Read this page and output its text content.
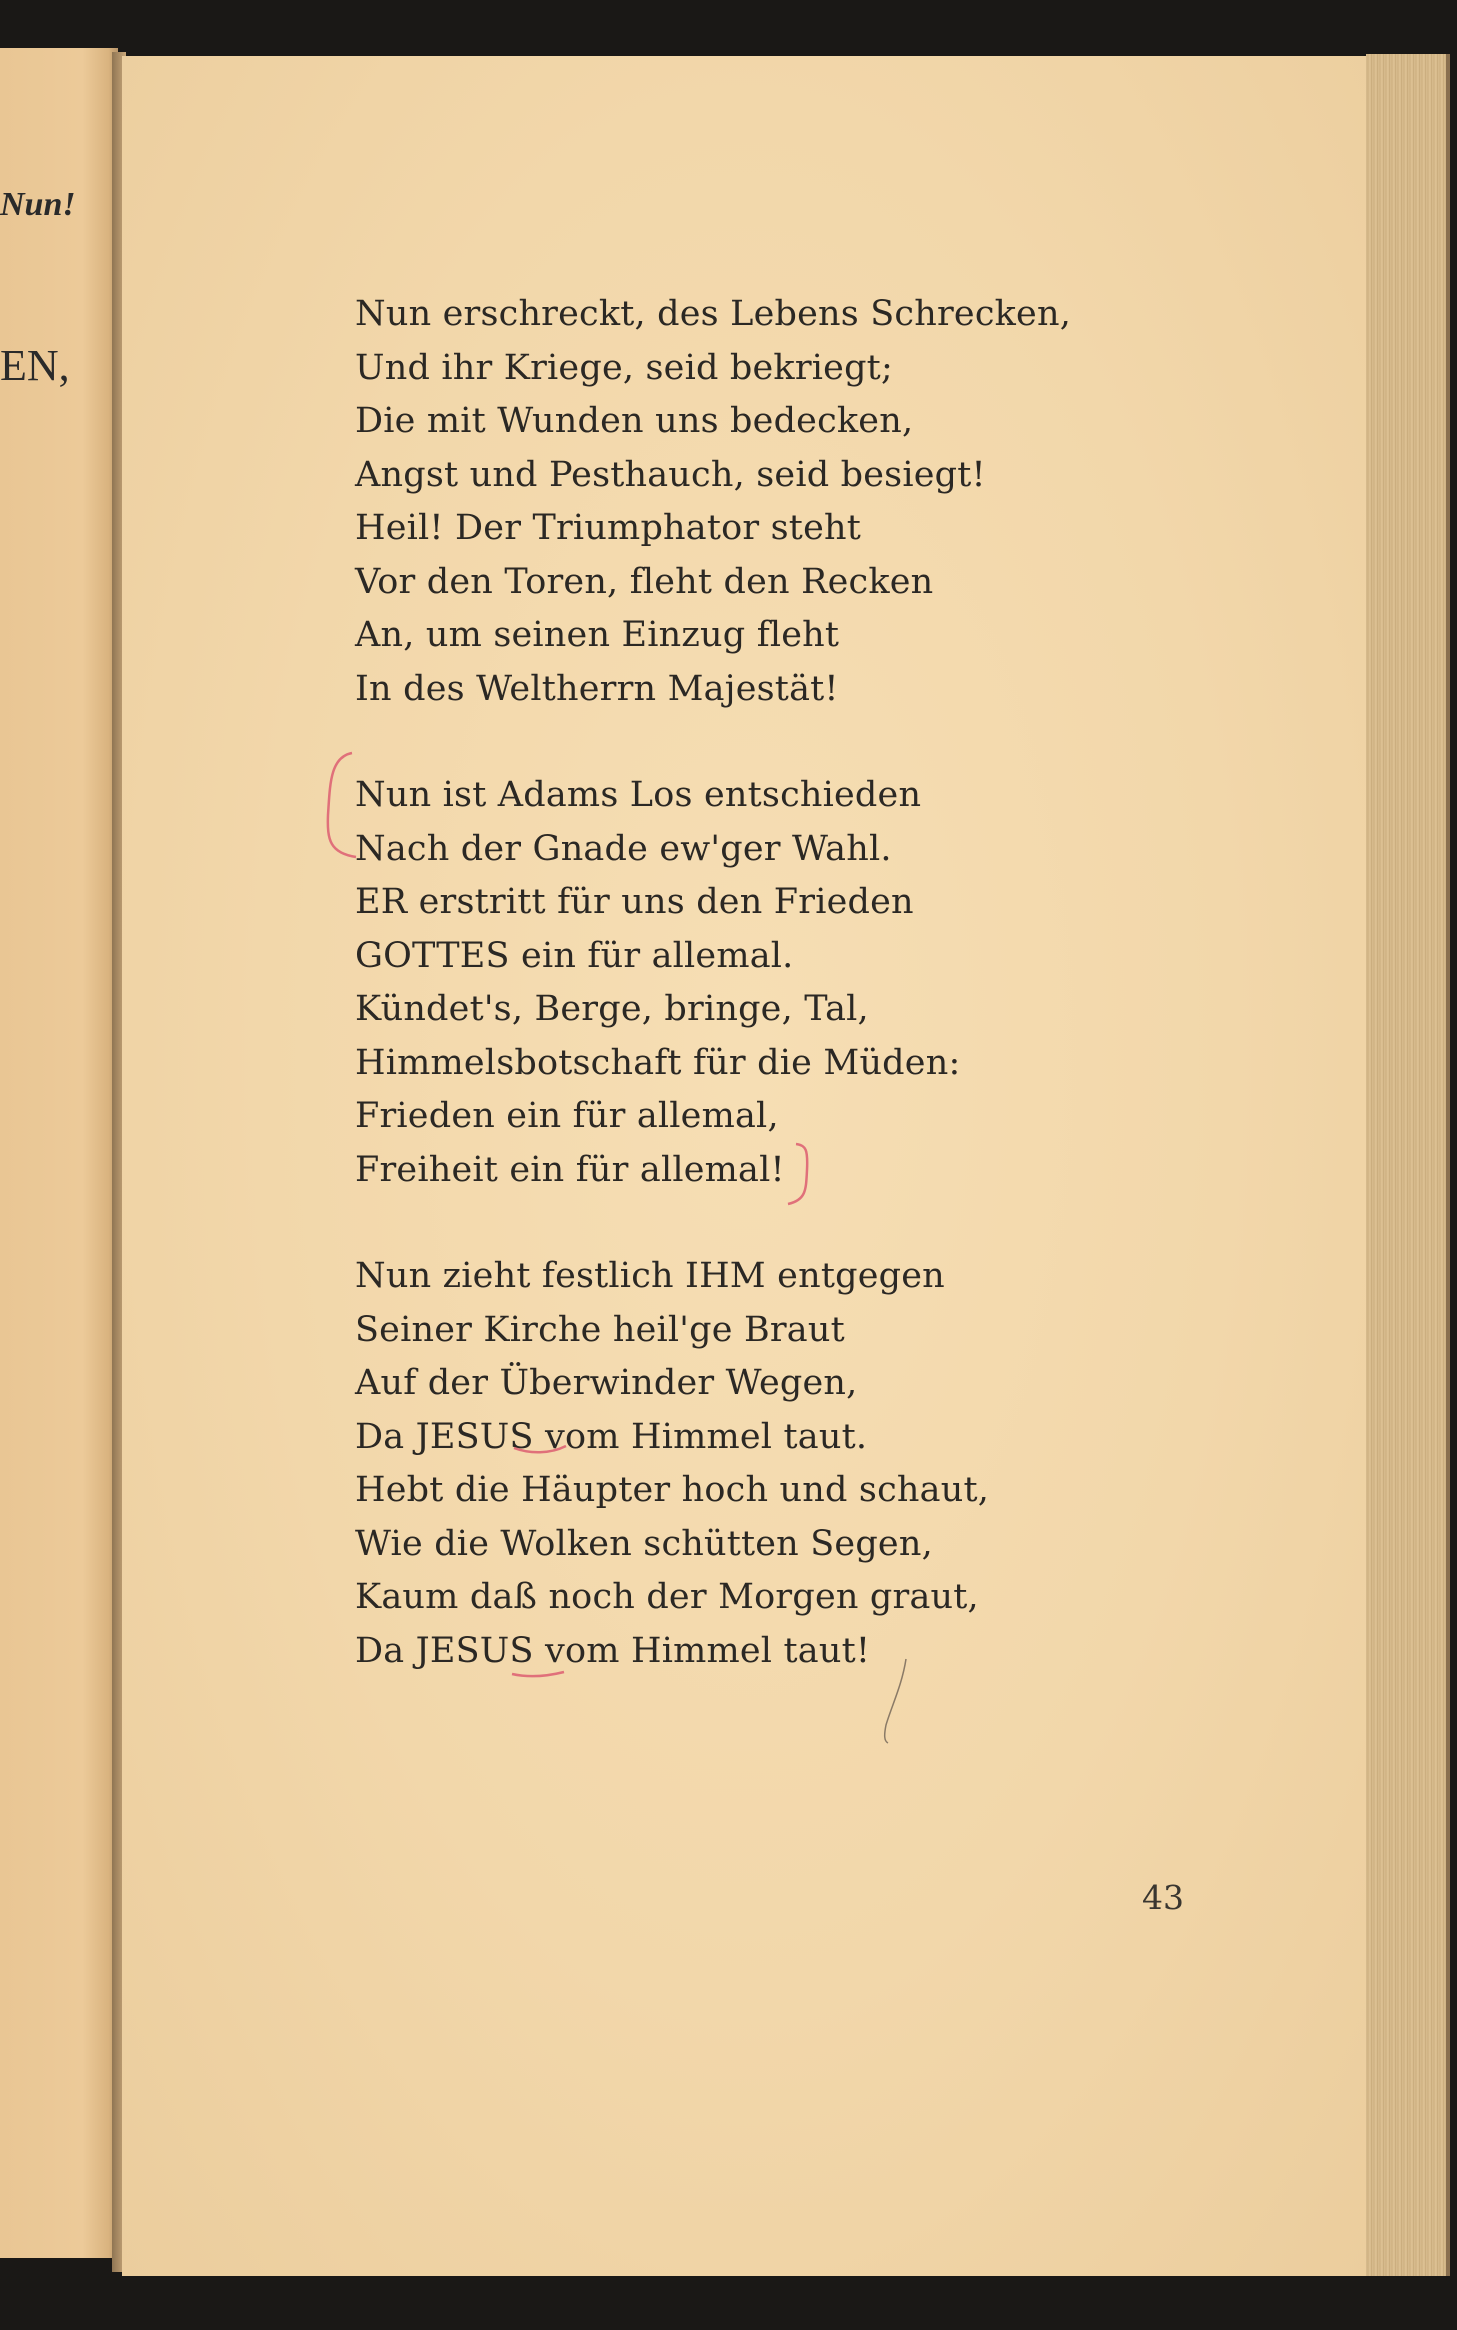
Nun!
EN,
Nun erschreckt, des Lebens Schrecken,
Und ihr Kriege, seid bekriegt;
Die mit Wunden uns bedecken,
Angst und Pesthauch, seid besiegt!
Heil! Der Triumphator steht
Vor den Toren, fleht den Recken
An, um seinen Einzug fleht
In des Weltherrn Majestät!
Nun ist Adams Los entschieden
Nach der Gnade ew'ger Wahl.
ER erstritt für uns den Frieden
GOTTES ein für allemal.
Kündet's, Berge, bringe, Tal,
Himmelsbotschaft für die Müden:
Frieden ein für allemal,
Freiheit ein für allemal!
Nun zieht festlich IHM entgegen
Seiner Kirche heil'ge Braut
Auf der Überwinder Wegen,
Da JESUS vom Himmel taut.
Hebt die Häupter hoch und schaut,
Wie die Wolken schütten Segen,
Kaum daß noch der Morgen graut,
Da JESUS vom Himmel taut!
43
